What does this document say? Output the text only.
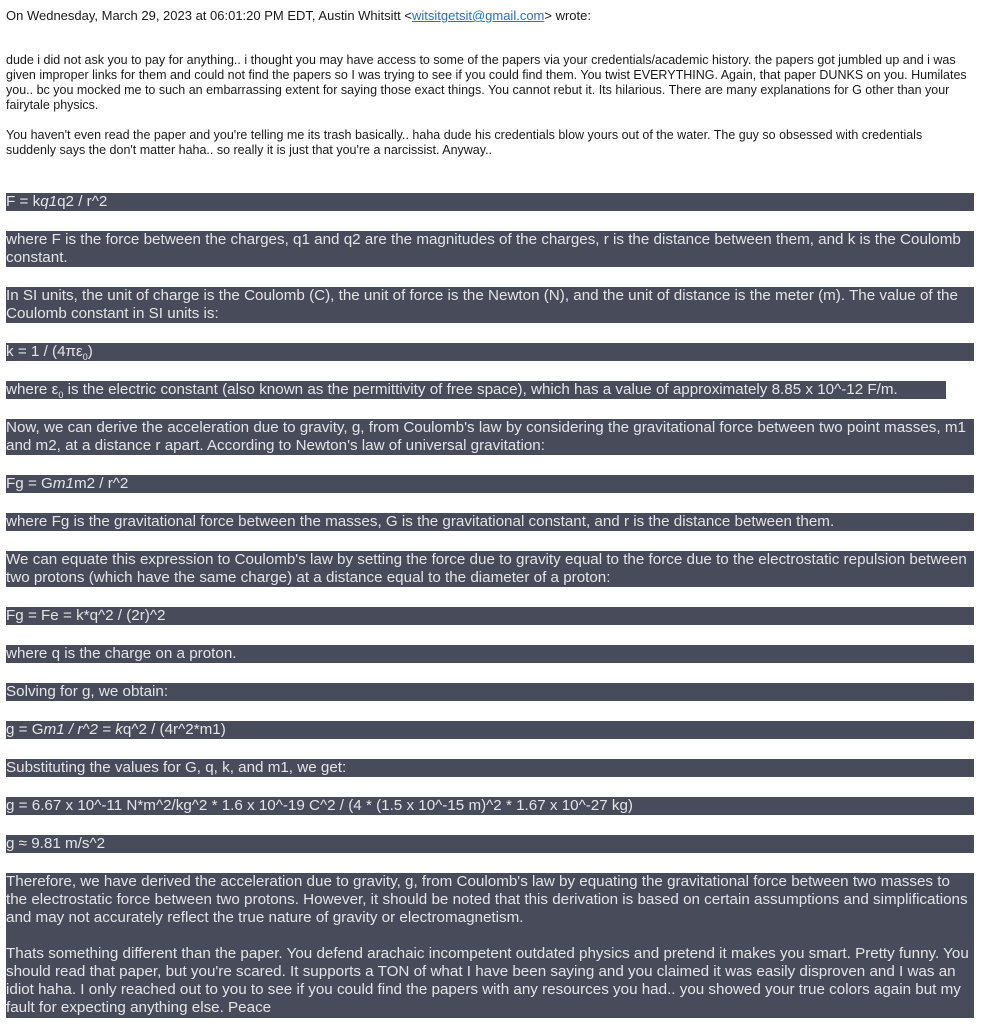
On Wednesday, March 29, 2023 at 06:01:20 PM EDT, Austin Whitsitt <witsitgetsit@gmail.com> wrote:
dude i did not ask you to pay for anything.. i thought you may have access to some of the papers via your credentials/academic history. the papers got jumbled up and i was given improper links for them and could not find the papers so I was trying to see if you could find them. You twist EVERYTHING. Again, that paper DUNKS on you. Humilates you.. bc you mocked me to such an embarrassing extent for saying those exact things. You cannot rebut it. Its hilarious. There are many explanations for G other than your fairytale physics.
You haven't even read the paper and you're telling me its trash basically.. haha dude his credentials blow yours out of the water. The guy so obsessed with credentials suddenly says the don't matter haha.. so really it is just that you're a narcissist. Anyway..
F = kq1q2 / r^2
where F is the force between the charges, q1 and q2 are the magnitudes of the charges, r is the distance between them, and k is the Coulomb constant.
In SI units, the unit of charge is the Coulomb (C), the unit of force is the Newton (N), and the unit of distance is the meter (m). The value of the Coulomb constant in SI units is:
$k = 1 / (4\pi\varepsilon_0)$
where $\varepsilon_0$ is the electric constant (also known as the permittivity of free space), which has a value of approximately 8.85 x 10^-12 F/m.
Now, we can derive the acceleration due to gravity, g, from Coulomb's law by considering the gravitational force between two point masses, m1 and m2, at a distance r apart. According to Newton's law of universal gravitation:
Fg = Gm1m2 / r^2
where Fg is the gravitational force between the masses, G is the gravitational constant, and r is the distance between them.
We can equate this expression to Coulomb's law by setting the force due to gravity equal to the force due to the electrostatic repulsion between two protons (which have the same charge) at a distance equal to the diameter of a proton:
Fg = Fe = k*q^2 / (2r)^2
where q is the charge on a proton.
Solving for g, we obtain:
g = Gm1 / r^2 = kq^2 / (4r^2*m1)
Substituting the values for G, q, k, and m1, we get:
g = 6.67 x 10^-11 N*m^2/kg^2 * 1.6 x 10^-19 C^2 / (4 * (1.5 x 10^-15 m)^2 * 1.67 x 10^-27 kg)
g ≈ 9.81 m/s^2
Therefore, we have derived the acceleration due to gravity, g, from Coulomb's law by equating the gravitational force between two masses to the electrostatic force between two protons. However, it should be noted that this derivation is based on certain assumptions and simplifications and may not accurately reflect the true nature of gravity or electromagnetism.
Thats something different than the paper. You defend arachaic incompetent outdated physics and pretend it makes you smart. Pretty funny. You should read that paper, but you're scared. It supports a TON of what I have been saying and you claimed it was easily disproven and I was an idiot haha. I only reached out to you to see if you could find the papers with any resources you had.. you showed your true colors again but my fault for expecting anything else. Peace
